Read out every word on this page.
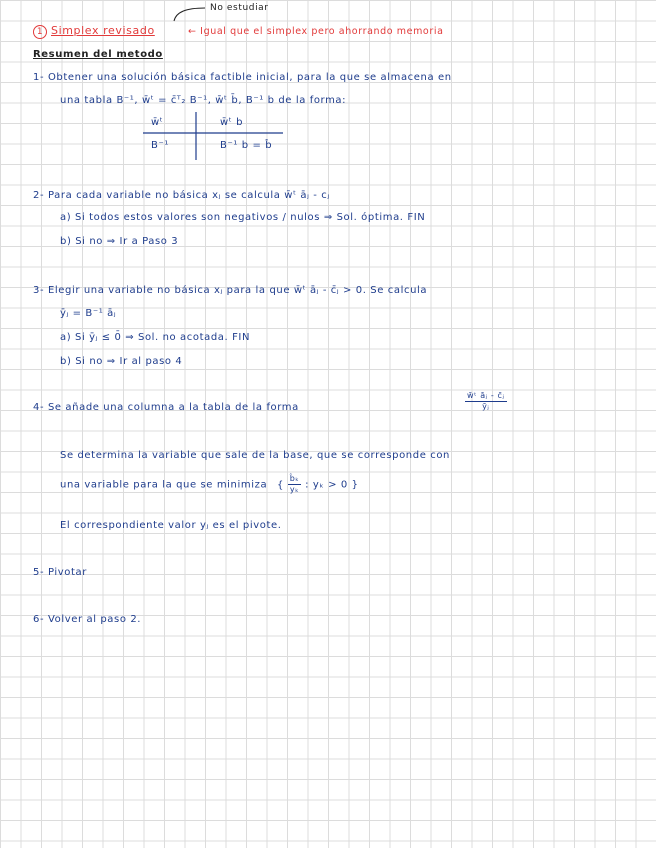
1 Simplex revisado
No estudiar
← Igual que el simplex pero ahorrando memoria
Resumen del metodo
1- Obtener una solución básica factible inicial, para la que se almacena en
una tabla B⁻¹, w̄ᵗ = c̄ᵀ₂ B⁻¹, w̄ᵗ b̄, B⁻¹ b de la forma:
w̄ᵗ	w̄ᵗ b
B⁻¹	B⁻¹ b = b̂
2- Para cada variable no básica xⱼ se calcula w̄ᵗ āⱼ - cⱼ
a) Si todos estos valores son negativos / nulos ⇒ Sol. óptima. FIN
b) Si no ⇒ Ir a Paso 3
3- Elegir una variable no básica xⱼ para la que w̄ᵗ āⱼ - c̄ⱼ > 0. Se calcula
ȳⱼ = B⁻¹ āⱼ
a) Si ȳⱼ ≤ 0̄ ⇒ Sol. no acotada. FIN
b) Si no ⇒ Ir al paso 4
4- Se añade una columna a la tabla de la forma	$\frac{\text{w̄ᵗ āⱼ - c̄ⱼ}}{\text{ȳⱼ}}$
Se determina la variable que sale de la base, que se corresponde con
una variable para la que se minimiza { $\frac{\text{b̂ₖ}}{\text{yₖ}}$ : yₖ > 0 }
El correspondiente valor yⱼ es el pivote.
5- Pivotar
6- Volver al paso 2.
